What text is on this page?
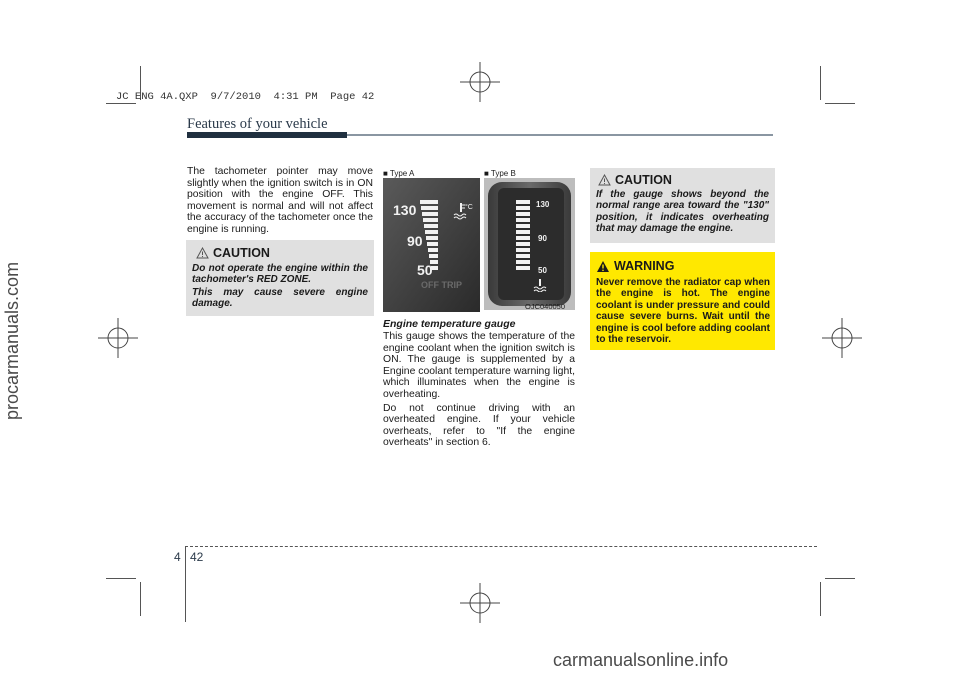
JC ENG 4A.QXP  9/7/2010  4:31 PM  Page 42
Features of your vehicle
The tachometer pointer may move slightly when the ignition switch is in ON position with the engine OFF. This movement is normal and will not affect the accuracy of the tachometer once the engine is running.
CAUTION
Do not operate the engine within the tachometer's RED ZONE.
This may cause severe engine damage.
■ Type A	■ Type B
130
90
50
°C
OFF TRIP
130
90
50
OJC040050
Engine temperature gauge
This gauge shows the temperature of the engine coolant when the ignition switch is ON. The gauge is supplemented by a Engine coolant temperature warning light, which illuminates when the engine is overheating.
Do not continue driving with an overheated engine. If your vehicle overheats, refer to "If the engine overheats" in section 6.
CAUTION
If the gauge shows beyond the normal range area toward the "130" position, it indicates overheating that may damage the engine.
WARNING
Never remove the radiator cap when the engine is hot. The engine coolant is under pressure and could cause severe burns. Wait until the engine is cool before adding coolant to the reservoir.
4 42
procarmanuals.com
carmanualsonline.info
